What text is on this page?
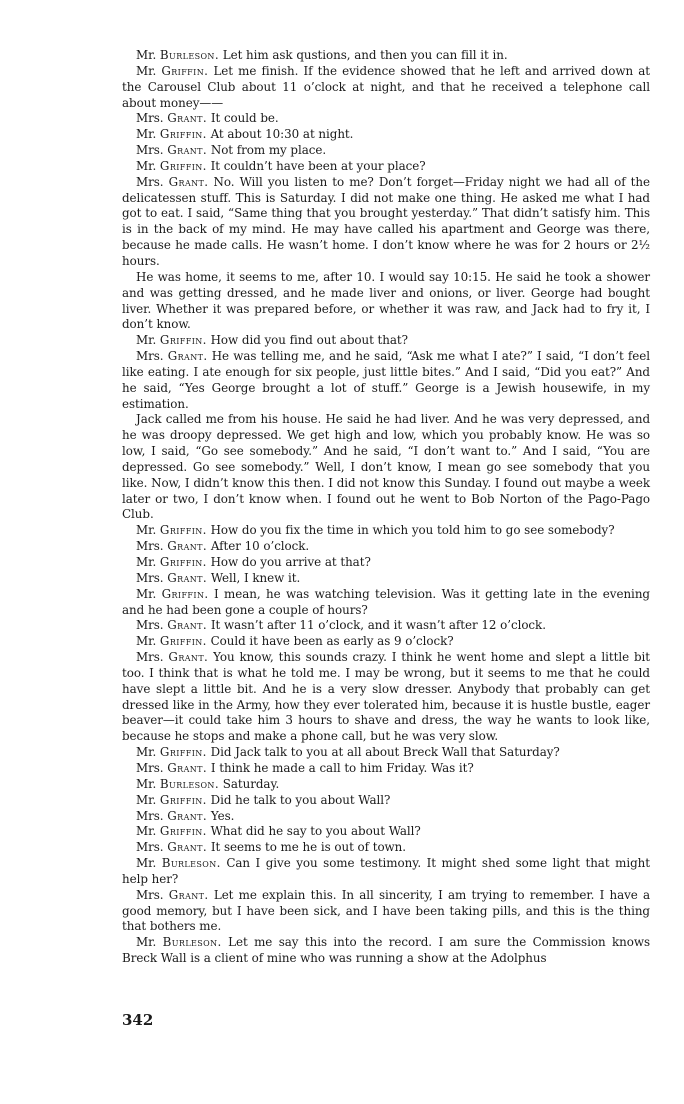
Mr. Burleson. Let him ask qustions, and then you can fill it in.

Mr. Griffin. Let me finish. If the evidence showed that he left and arrived down at the Carousel Club about 11 o’clock at night, and that he received a telephone call about money——

Mrs. Grant. It could be.

Mr. Griffin. At about 10:30 at night.

Mrs. Grant. Not from my place.

Mr. Griffin. It couldn’t have been at your place?

Mrs. Grant. No. Will you listen to me? Don’t forget—Friday night we had all of the delicatessen stuff. This is Saturday. I did not make one thing. He asked me what I had got to eat. I said, “Same thing that you brought yesterday.” That didn’t satisfy him. This is in the back of my mind. He may have called his apartment and George was there, because he made calls. He wasn’t home. I don’t know where he was for 2 hours or 2½ hours.

He was home, it seems to me, after 10. I would say 10:15. He said he took a shower and was getting dressed, and he made liver and onions, or liver. George had bought liver. Whether it was prepared before, or whether it was raw, and Jack had to fry it, I don’t know.

Mr. Griffin. How did you find out about that?

Mrs. Grant. He was telling me, and he said, “Ask me what I ate?” I said, “I don’t feel like eating. I ate enough for six people, just little bites.” And I said, “Did you eat?” And he said, “Yes George brought a lot of stuff.” George is a Jewish housewife, in my estimation.

Jack called me from his house. He said he had liver. And he was very depressed, and he was droopy depressed. We get high and low, which you probably know. He was so low, I said, “Go see somebody.” And he said, “I don’t want to.” And I said, “You are depressed. Go see somebody.” Well, I don’t know, I mean go see somebody that you like. Now, I didn’t know this then. I did not know this Sunday. I found out maybe a week later or two, I don’t know when. I found out he went to Bob Norton of the Pago-Pago Club.

Mr. Griffin. How do you fix the time in which you told him to go see somebody?

Mrs. Grant. After 10 o’clock.

Mr. Griffin. How do you arrive at that?

Mrs. Grant. Well, I knew it.

Mr. Griffin. I mean, he was watching television. Was it getting late in the evening and he had been gone a couple of hours?

Mrs. Grant. It wasn’t after 11 o’clock, and it wasn’t after 12 o’clock.

Mr. Griffin. Could it have been as early as 9 o’clock?

Mrs. Grant. You know, this sounds crazy. I think he went home and slept a little bit too. I think that is what he told me. I may be wrong, but it seems to me that he could have slept a little bit. And he is a very slow dresser. Anybody that probably can get dressed like in the Army, how they ever tolerated him, because it is hustle bustle, eager beaver—it could take him 3 hours to shave and dress, the way he wants to look like, because he stops and make a phone call, but he was very slow.

Mr. Griffin. Did Jack talk to you at all about Breck Wall that Saturday?

Mrs. Grant. I think he made a call to him Friday. Was it?

Mr. Burleson. Saturday.

Mr. Griffin. Did he talk to you about Wall?

Mrs. Grant. Yes.

Mr. Griffin. What did he say to you about Wall?

Mrs. Grant. It seems to me he is out of town.

Mr. Burleson. Can I give you some testimony. It might shed some light that might help her?

Mrs. Grant. Let me explain this. In all sincerity, I am trying to remember. I have a good memory, but I have been sick, and I have been taking pills, and this is the thing that bothers me.

Mr. Burleson. Let me say this into the record. I am sure the Commission knows Breck Wall is a client of mine who was running a show at the Adolphus

342
